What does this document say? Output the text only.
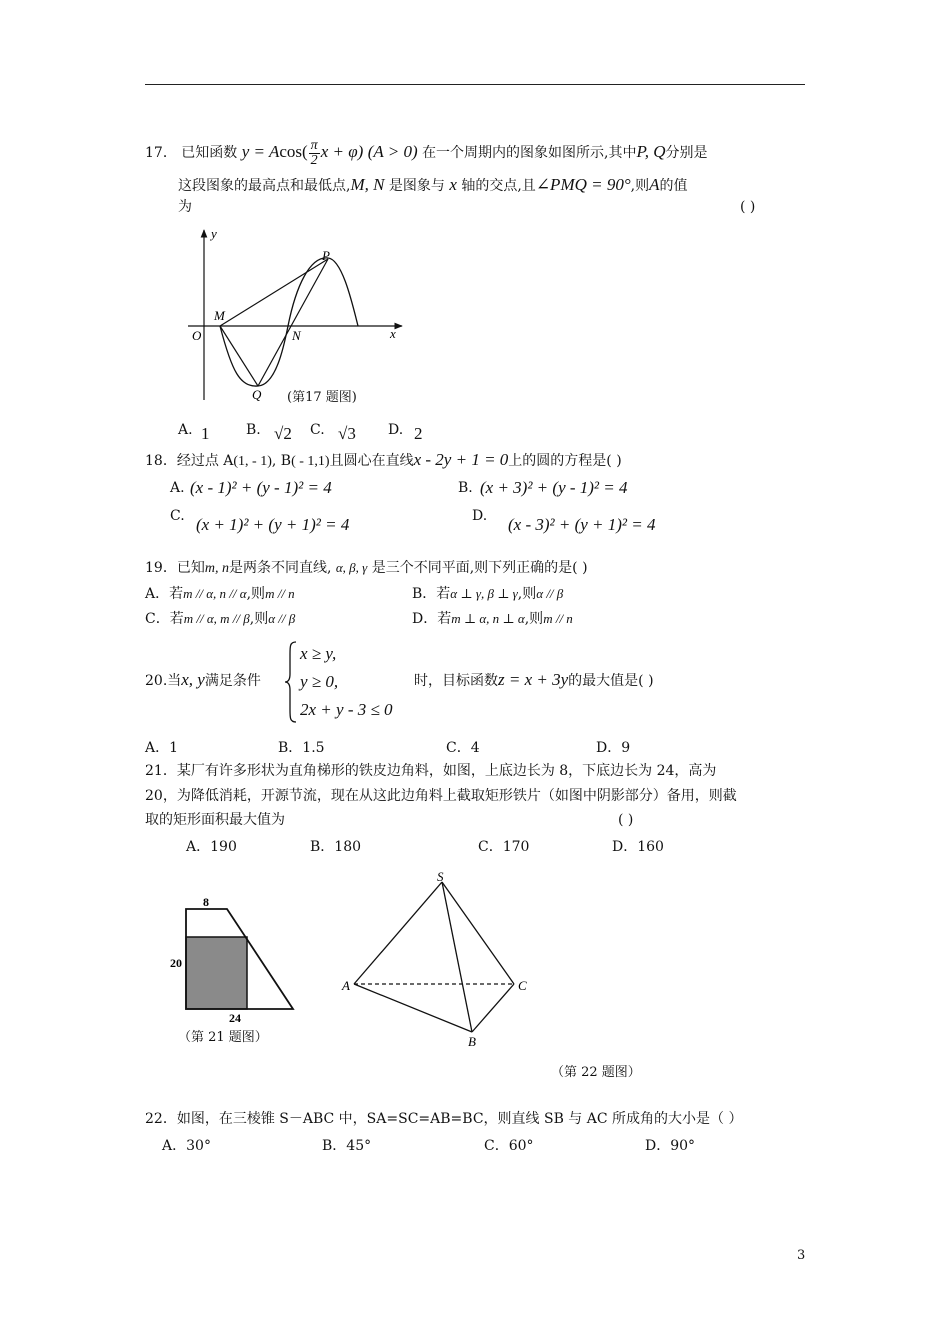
17． 已知函数 $y = Acos( \frac{\pi}{2}$ x + φ) (A > 0) 在一个周期内的图象如图所示,其中P, Q分别是
这段图象的最高点和最低点,M, N 是图象与 x 轴的交点,且∠PMQ = 90°,则A的值
为	( )
y
x
P
M
O	N
Q (第17 题图)
A. 1	B. √2 C. √3 D. 2
18．经过点 A(1, - 1), B( - 1,1)且圆心在直线x - 2y + 1 = 0上的圆的方程是( )
A. (x - 1)² + (y - 1)² = 4	B. (x + 3)² + (y - 1)² = 4
C. (x + 1)² + (y + 1)² = 4	D. (x - 3)² + (y + 1)² = 4
19．已知m, n是两条不同直线, α, β, γ 是三个不同平面,则下列正确的是( )
A．若m // α, n // α,则m // n	B．若α ⊥ γ, β ⊥ γ,则α // β
C．若m // α, m // β,则α // β	D．若m ⊥ α, n ⊥ α,则m // n
20.当x, y满足条件
x ≥ y,
y ≥ 0,
2x + y - 3 ≤ 0
时，目标函数z = x + 3y的最大值是( )
A．1	B．1.5	C．4	D．9
21．某厂有许多形状为直角梯形的铁皮边角料，如图，上底边长为 8，下底边长为 24，高为
20，为降低消耗，开源节流，现在从这此边角料上截取矩形铁片（如图中阴影部分）备用，则截
取的矩形面积最大值为	( )
A．190	B．180	C．170	D．160
8
20
24
（第 21 题图）
S
A
B
C
（第 22 题图）
22．如图，在三棱锥 S－ABC 中，SA=SC=AB=BC，则直线 SB 与 AC 所成角的大小是（ ）
A．30°	B．45°	C．60°	D．90°
3
